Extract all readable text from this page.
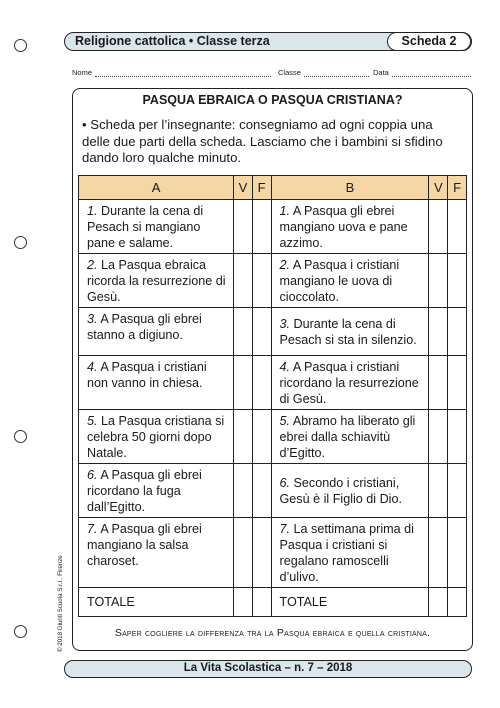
Religione cattolica • Classe terza	Scheda 2
Nome	Classe	Data
PASQUA EBRAICA O PASQUA CRISTIANA?
• Scheda per l’insegnante: consegniamo ad ogni coppia una delle due parti della scheda. Lasciamo che i bambini si sfidino dando loro qualche minuto.
A	V	F	B	V	F
1. Durante la cena di Pesach si mangiano pane e salame.			1. A Pasqua gli ebrei mangiano uova e pane azzimo.		
2. La Pasqua ebraica ricorda la resurrezione di Gesù.			2. A Pasqua i cristiani mangiano le uova di cioccolato.		
3. A Pasqua gli ebrei stanno a digiuno.			3. Durante la cena di Pesach si sta in silenzio.		
4. A Pasqua i cristiani non vanno in chiesa.			4. A Pasqua i cristiani ricordano la resurrezione di Gesù.		
5. La Pasqua cristiana si celebra 50 giorni dopo Natale.			5. Abramo ha liberato gli ebrei dalla schiavitù d’Egitto.		
6. A Pasqua gli ebrei ricordano la fuga dall’Egitto.			6. Secondo i cristiani, Gesù è il Figlio di Dio.		
7. A Pasqua gli ebrei mangiano la salsa charoset.			7. La settimana prima di Pasqua i cristiani si regalano ramoscelli d’ulivo.		
TOTALE			TOTALE		
Saper cogliere la differenza tra la Pasqua ebraica e quella cristiana.
© 2018 Giunti Scuola S.r.l., Firenze
La Vita Scolastica – n. 7 – 2018
